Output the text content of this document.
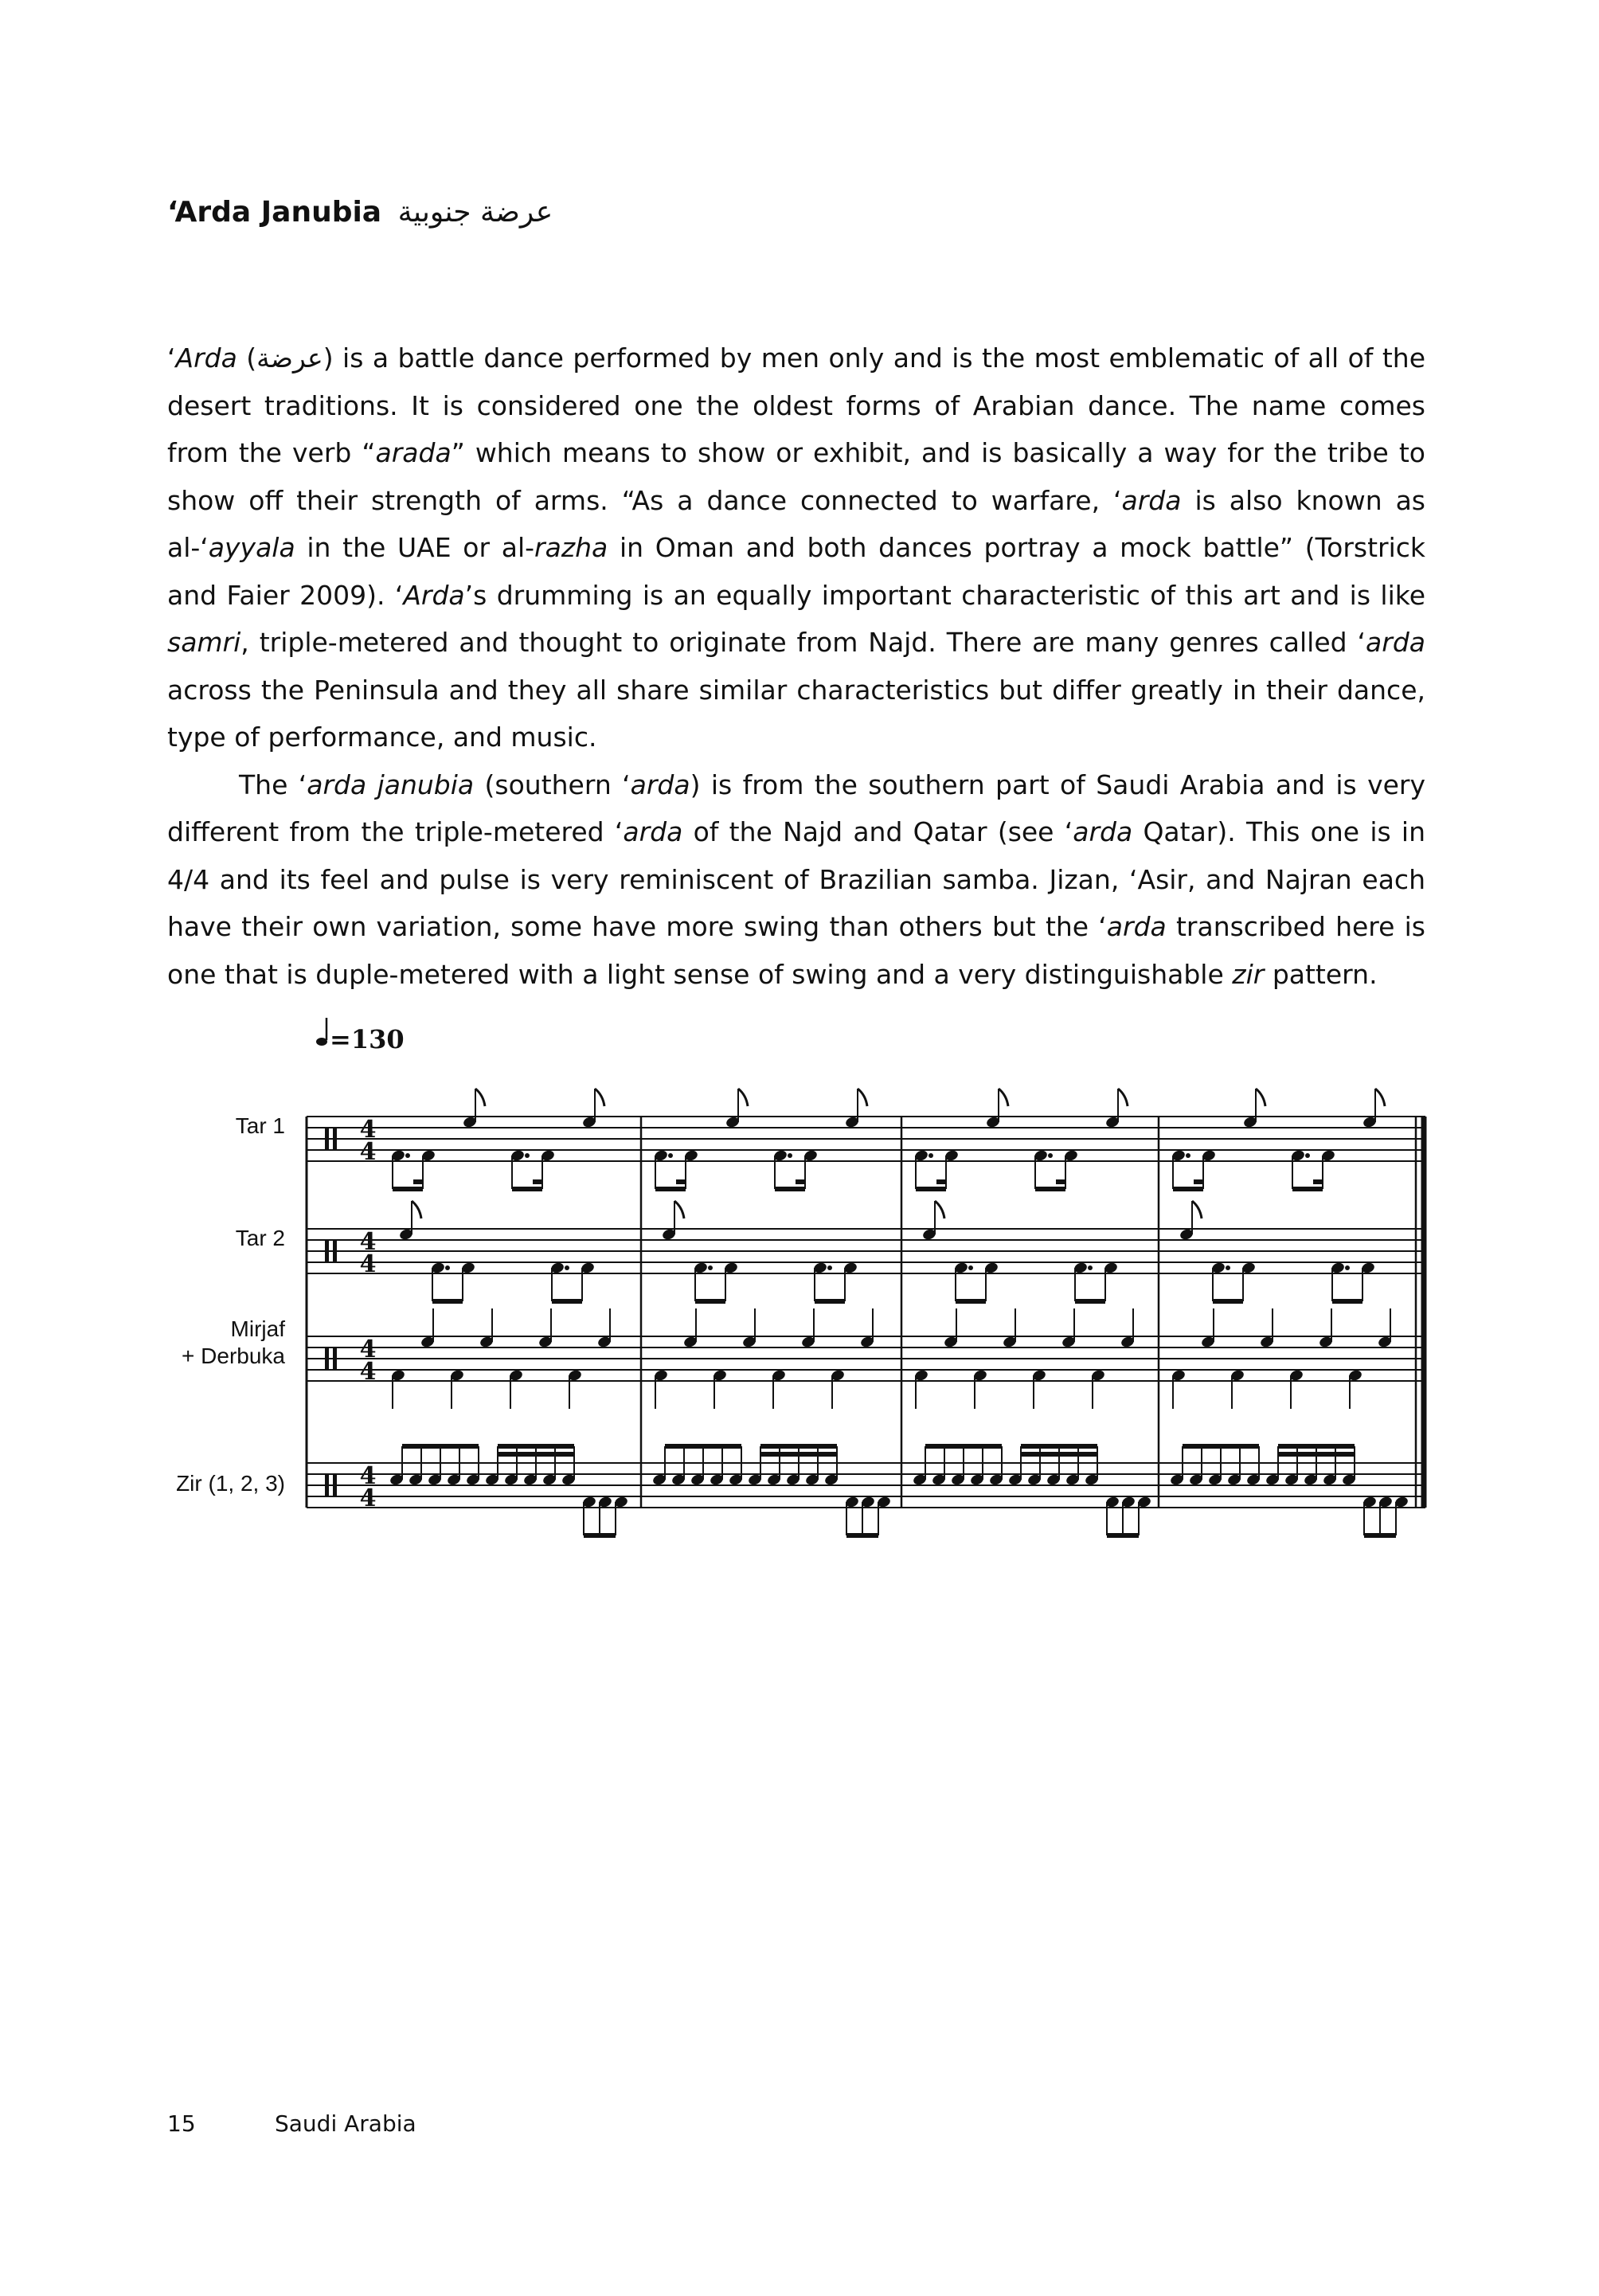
‘Arda Janubia عرضة جنوبية

‘Arda (عرضة) is a battle dance performed by men only and is the most emblematic of all of the desert traditions. It is considered one the oldest forms of Arabian dance. The name comes from the verb “arada” which means to show or exhibit, and is basically a way for the tribe to show off their strength of arms. “As a dance connected to warfare, ‘arda is also known as al-‘ayyala in the UAE or al-razha in Oman and both dances portray a mock battle” (Torstrick and Faier 2009). ‘Arda’s drumming is an equally important characteristic of this art and is like samri, triple-metered and thought to originate from Najd. There are many genres called ‘arda across the Peninsula and they all share similar characteristics but differ greatly in their dance, type of performance, and music.

The ‘arda janubia (southern ‘arda) is from the southern part of Saudi Arabia and is very different from the triple-metered ‘arda of the Najd and Qatar (see ‘arda Qatar). This one is in 4/4 and its feel and pulse is very reminiscent of Brazilian samba. Jizan, ‘Asir, and Najran each have their own variation, some have more swing than others but the ‘arda transcribed here is one that is duple-metered with a light sense of swing and a very distinguishable zir pattern.

=130
Tar 1
Tar 2
Mirjaf
+ Derbuka
Zir (1, 2, 3)
4
4
4
4
4
4
4
4
15	Saudi Arabia
